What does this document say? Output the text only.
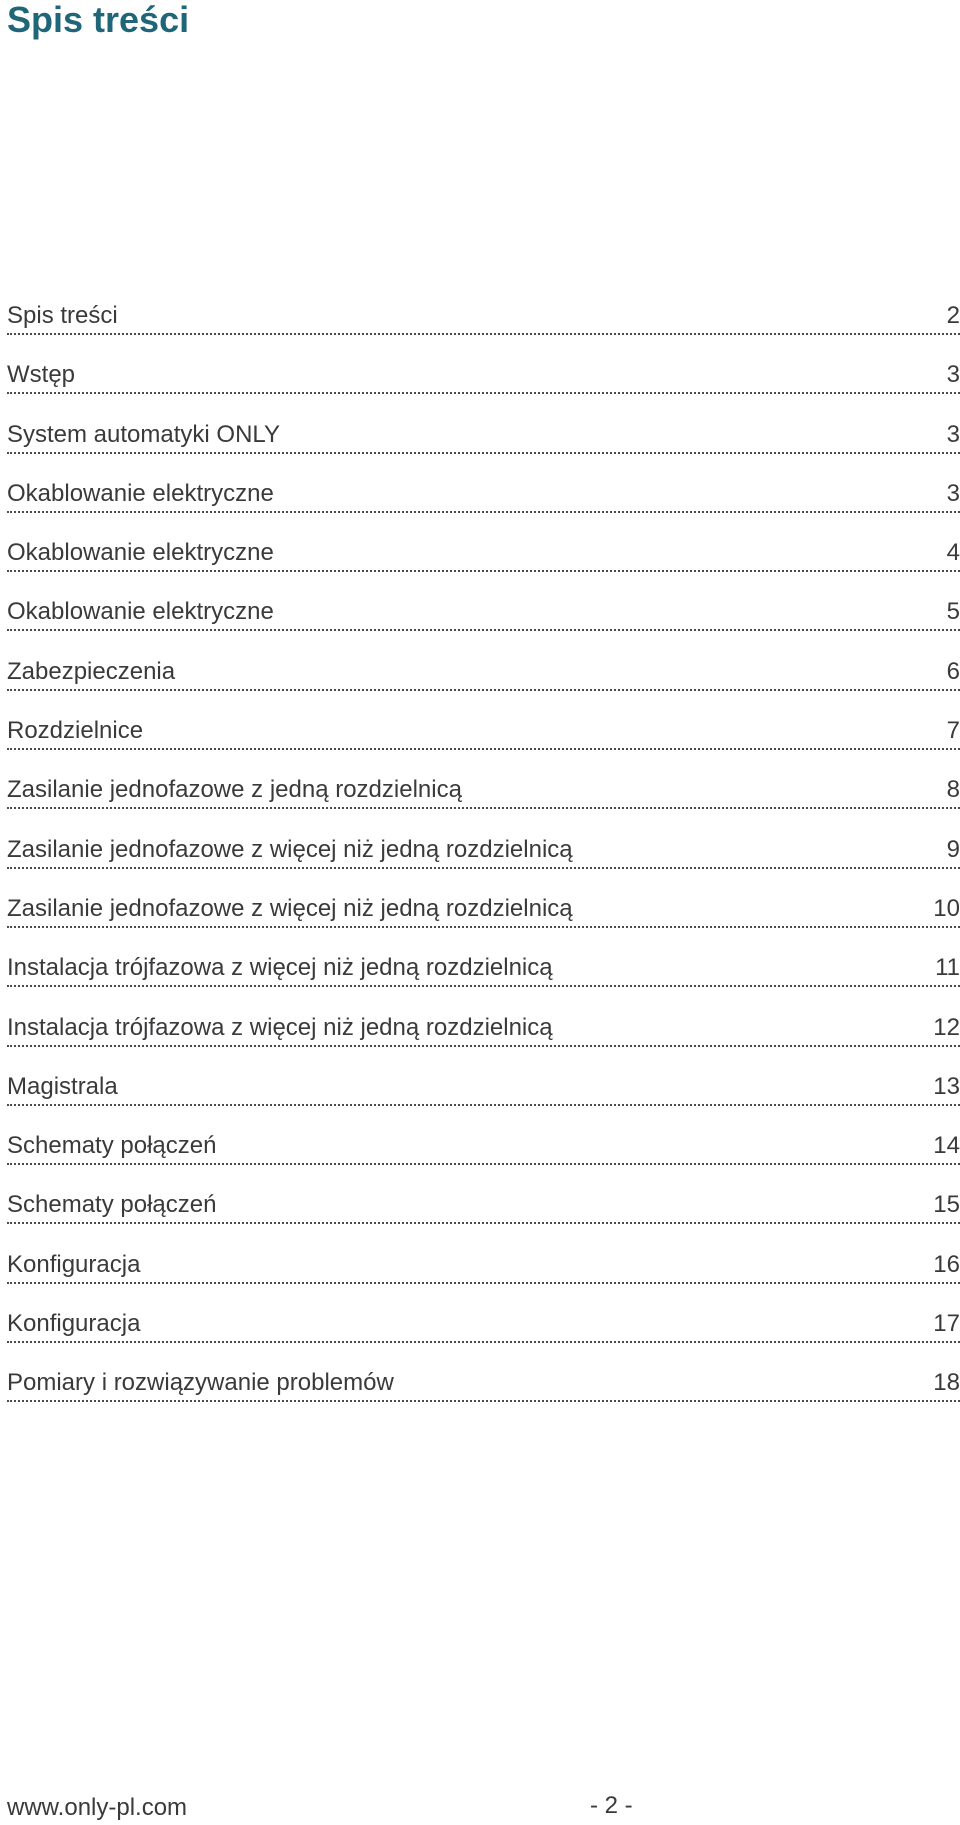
Spis treści
Spis treści	2
Wstęp	3
System automatyki ONLY	3
Okablowanie elektryczne	3
Okablowanie elektryczne	4
Okablowanie elektryczne	5
Zabezpieczenia	6
Rozdzielnice	7
Zasilanie jednofazowe z jedną rozdzielnicą	8
Zasilanie jednofazowe z więcej niż jedną rozdzielnicą	9
Zasilanie jednofazowe z więcej niż jedną rozdzielnicą	10
Instalacja trójfazowa z więcej niż jedną rozdzielnicą	11
Instalacja trójfazowa z więcej niż jedną rozdzielnicą	12
Magistrala	13
Schematy połączeń	14
Schematy połączeń	15
Konfiguracja	16
Konfiguracja	17
Pomiary i rozwiązywanie problemów	18
www.only-pl.com	- 2 -
